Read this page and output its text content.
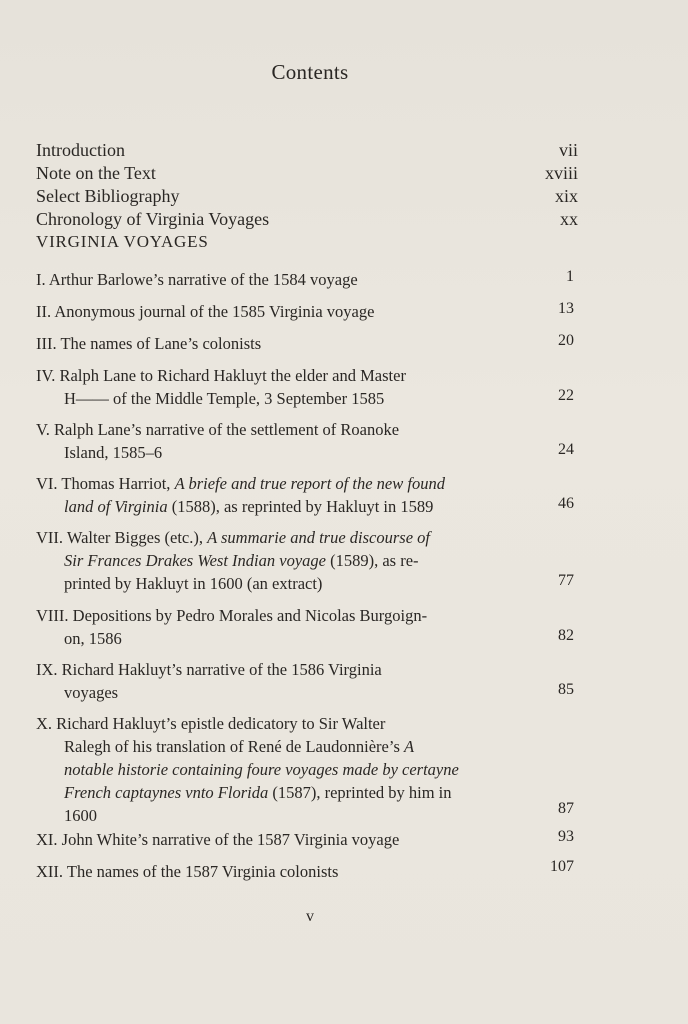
Contents
Introduction	vii
Note on the Text	xviii
Select Bibliography	xix
Chronology of Virginia Voyages	xx
VIRGINIA VOYAGES
I. Arthur Barlowe’s narrative of the 1584 voyage	1
II. Anonymous journal of the 1585 Virginia voyage	13
III. The names of Lane’s colonists	20
IV. Ralph Lane to Richard Hakluyt the elder and Master
H—— of the Middle Temple, 3 September 1585	22
V. Ralph Lane’s narrative of the settlement of Roanoke
Island, 1585–6	24
VI. Thomas Harriot, A briefe and true report of the new found
land of Virginia (1588), as reprinted by Hakluyt in 1589	46
VII. Walter Bigges (etc.), A summarie and true discourse of
Sir Frances Drakes West Indian voyage (1589), as re-
printed by Hakluyt in 1600 (an extract)	77
VIII. Depositions by Pedro Morales and Nicolas Burgoign-
on, 1586	82
IX. Richard Hakluyt’s narrative of the 1586 Virginia
voyages	85
X. Richard Hakluyt’s epistle dedicatory to Sir Walter
Ralegh of his translation of René de Laudonnière’s A
notable historie containing foure voyages made by certayne
French captaynes vnto Florida (1587), reprinted by him in
1600	87
XI. John White’s narrative of the 1587 Virginia voyage	93
XII. The names of the 1587 Virginia colonists	107
v
